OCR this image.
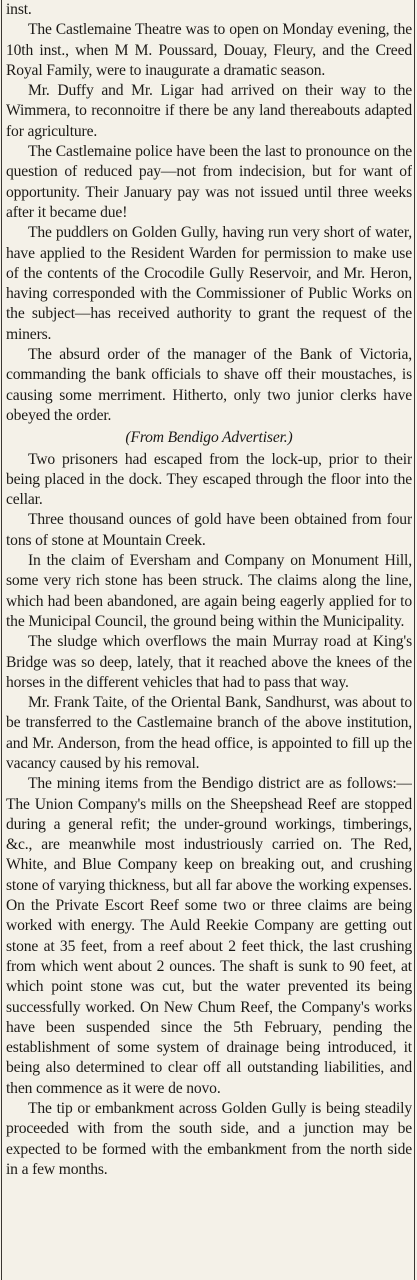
inst.

The Castlemaine Theatre was to open on Monday evening, the 10th inst., when M M. Poussard, Douay, Fleury, and the Creed Royal Family, were to inaugurate a dramatic season.

Mr. Duffy and Mr. Ligar had arrived on their way to the Wimmera, to reconnoitre if there be any land thereabouts adapted for agriculture.

The Castlemaine police have been the last to pronounce on the question of reduced pay—not from indecision, but for want of opportunity. Their January pay was not issued until three weeks after it became due!

The puddlers on Golden Gully, having run very short of water, have applied to the Resident Warden for permission to make use of the contents of the Crocodile Gully Reservoir, and Mr. Heron, having corresponded with the Commissioner of Public Works on the subject—has received authority to grant the request of the miners.

The absurd order of the manager of the Bank of Victoria, commanding the bank officials to shave off their moustaches, is causing some merriment. Hitherto, only two junior clerks have obeyed the order.

(From Bendigo Advertiser.)

Two prisoners had escaped from the lock-up, prior to their being placed in the dock. They escaped through the floor into the cellar.

Three thousand ounces of gold have been obtained from four tons of stone at Mountain Creek.

In the claim of Eversham and Company on Monument Hill, some very rich stone has been struck. The claims along the line, which had been abandoned, are again being eagerly applied for to the Municipal Council, the ground being within the Municipality.

The sludge which overflows the main Murray road at King's Bridge was so deep, lately, that it reached above the knees of the horses in the different vehicles that had to pass that way.

Mr. Frank Taite, of the Oriental Bank, Sandhurst, was about to be transferred to the Castlemaine branch of the above institution, and Mr. Anderson, from the head office, is appointed to fill up the vacancy caused by his removal.

The mining items from the Bendigo district are as follows:—The Union Company's mills on the Sheepshead Reef are stopped during a general refit; the under-ground workings, timberings, &c., are meanwhile most industriously carried on. The Red, White, and Blue Company keep on breaking out, and crushing stone of varying thickness, but all far above the working expenses. On the Private Escort Reef some two or three claims are being worked with energy. The Auld Reekie Company are getting out stone at 35 feet, from a reef about 2 feet thick, the last crushing from which went about 2 ounces. The shaft is sunk to 90 feet, at which point stone was cut, but the water prevented its being successfully worked. On New Chum Reef, the Company's works have been suspended since the 5th February, pending the establishment of some system of drainage being introduced, it being also determined to clear off all outstanding liabilities, and then commence as it were de novo.

The tip or embankment across Golden Gully is being steadily proceeded with from the south side, and a junction may be expected to be formed with the embankment from the north side in a few months.
